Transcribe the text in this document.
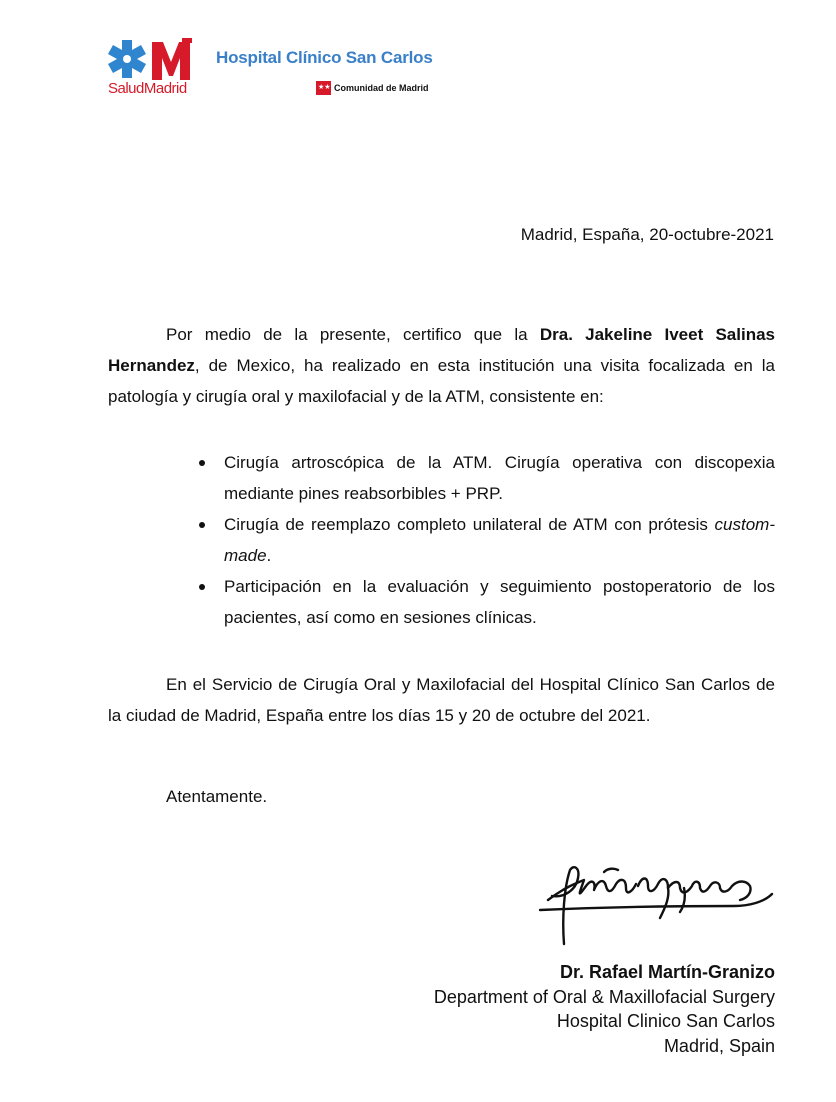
SaludMadrid
Hospital Clínico San Carlos
★★ Comunidad de Madrid
Madrid, España, 20-octubre-2021

Por medio de la presente, certifico que la Dra. Jakeline Iveet Salinas Hernandez, de Mexico, ha realizado en esta institución una visita focalizada en la patología y cirugía oral y maxilofacial y de la ATM, consistente en:

Cirugía artroscópica de la ATM. Cirugía operativa con discopexia mediante pines reabsorbibles + PRP.
Cirugía de reemplazo completo unilateral de ATM con prótesis custom-made.
Participación en la evaluación y seguimiento postoperatorio de los pacientes, así como en sesiones clínicas.

En el Servicio de Cirugía Oral y Maxilofacial del Hospital Clínico San Carlos de la ciudad de Madrid, España entre los días 15 y 20 de octubre del 2021.

Atentamente.
Dr. Rafael Martín-Granizo
Department of Oral & Maxillofacial Surgery
Hospital Clinico San Carlos
Madrid, Spain
